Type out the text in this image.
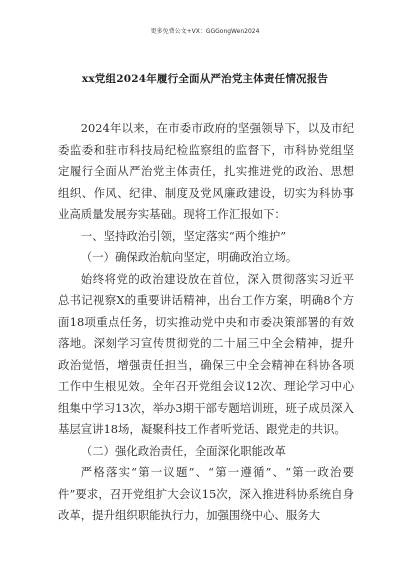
更多免费公文+VX：GGGongWen2024
xx党组2024年履行全面从严治党主体责任情况报告

2024年以来，在市委市政府的坚强领导下，以及市纪委监委和驻市科技局纪检监察组的监督下，市科协党组坚定履行全面从严治党主体责任，扎实推进党的政治、思想组织、作风、纪律、制度及党风廉政建设，切实为科协事业高质量发展夯实基础。现将工作汇报如下：

一、坚持政治引领，坚定落实“两个维护”

（一）确保政治航向坚定，明确政治立场。

始终将党的政治建设放在首位，深入贯彻落实习近平总书记视察X的重要讲话精神，出台工作方案，明确8个方面18项重点任务，切实推动党中央和市委决策部署的有效落地。深刻学习宣传贯彻党的二十届三中全会精神，提升政治觉悟，增强责任担当，确保三中全会精神在科协各项工作中生根见效。全年召开党组会议12次、理论学习中心组集中学习13次，举办3期干部专题培训班，班子成员深入基层宣讲18场，凝聚科技工作者听党话、跟党走的共识。

（二）强化政治责任，全面深化职能改革

严格落实“第一议题”、“第一遵循”、“第一政治要件”要求，召开党组扩大会议15次，深入推进科协系统自身改革，提升组织职能执行力，加强围绕中心、服务大
